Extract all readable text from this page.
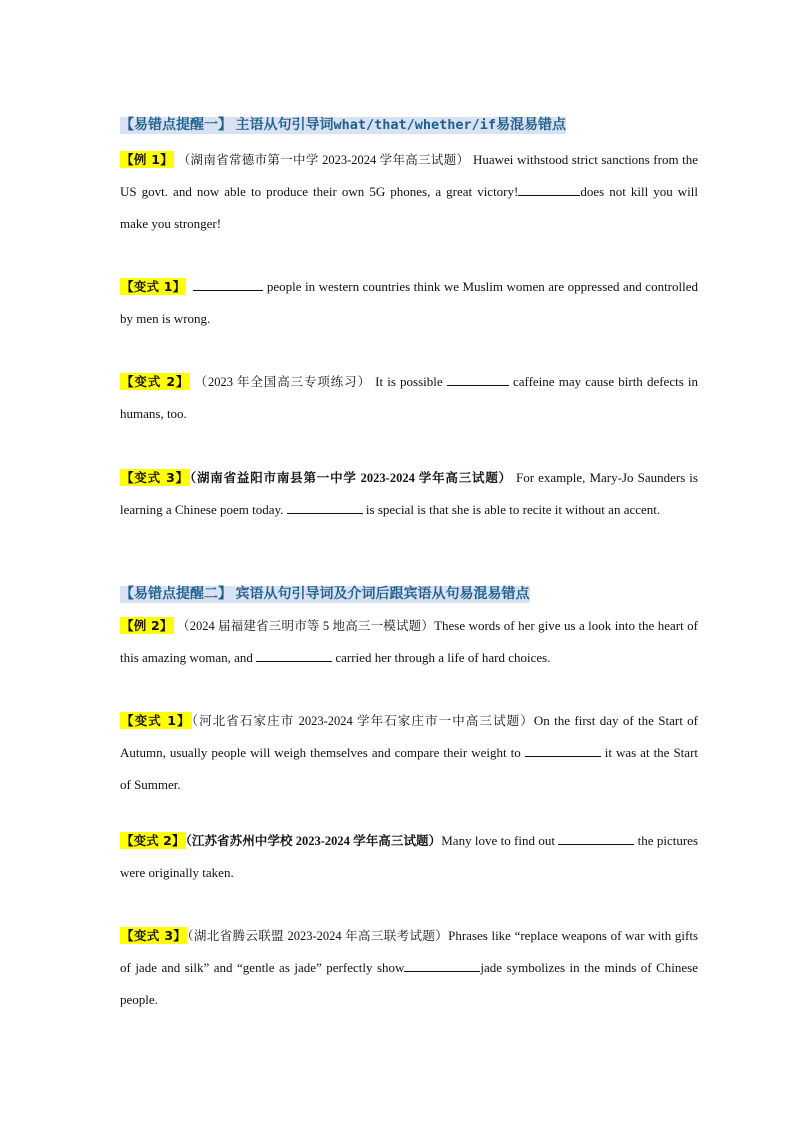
【易错点提醒一】 主语从句引导词what/that/whether/if易混易错点
【例 1】 （湖南省常德市第一中学 2023-2024 学年高三试题） Huawei withstood strict sanctions from the US govt. and now able to produce their own 5G phones, a great victory!	does not kill you will make you stronger!
【变式 1】	people in western countries think we Muslim women are oppressed and controlled by men is wrong.
【变式 2】 （2023 年全国高三专项练习） It is possible	caffeine may cause birth defects in humans, too.
【变式 3】（湖南省益阳市南县第一中学 2023-2024 学年高三试题） For example, Mary-Jo Saunders is learning a Chinese poem today.	is special is that she is able to recite it without an accent.
【易错点提醒二】 宾语从句引导词及介词后跟宾语从句易混易错点
【例 2】 （2024 届福建省三明市等 5 地高三一模试题）These words of her give us a look into the heart of this amazing woman, and	carried her through a life of hard choices.
【变式 1】（河北省石家庄市 2023-2024 学年石家庄市一中高三试题）On the first day of the Start of Autumn, usually people will weigh themselves and compare their weight to	it was at the Start of Summer.
【变式 2】（江苏省苏州中学校 2023-2024 学年高三试题）Many love to find out	the pictures were originally taken.
【变式 3】（湖北省腾云联盟 2023-2024 年高三联考试题）Phrases like “replace weapons of war with gifts of jade and silk” and “gentle as jade” perfectly show	jade symbolizes in the minds of Chinese people.
